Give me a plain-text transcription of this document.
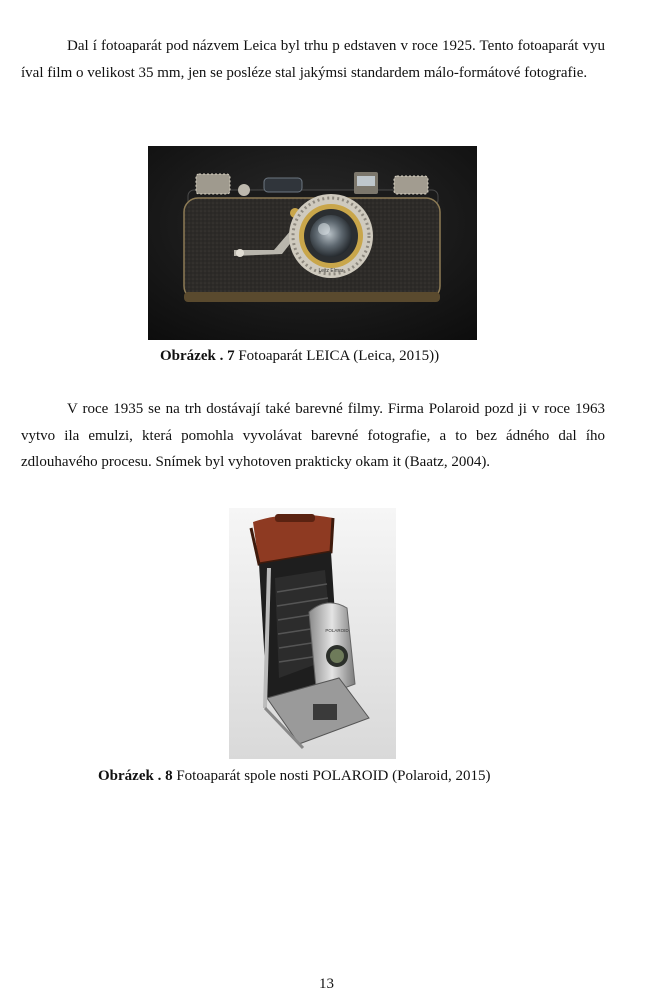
Dal í fotoaparát pod názvem Leica byl trhu p edstaven v roce 1925. Tento fotoaparát vyu íval film o velikost 35 mm, jen se posléze stal jakýmsi standardem málo-formátové fotografie.

Leitz Elmar

Obrázek . 7 Fotoaparát LEICA (Leica, 2015))

V roce 1935 se na trh dostávají také barevné filmy. Firma Polaroid pozd ji v roce 1963 vytvo ila emulzi, která pomohla vyvolávat barevné fotografie, a to bez ádného dal ího zdlouhavého procesu. Snímek byl vyhotoven prakticky okam it (Baatz, 2004).

POLAROID

Obrázek . 8 Fotoaparát spole nosti POLAROID (Polaroid, 2015)

13
